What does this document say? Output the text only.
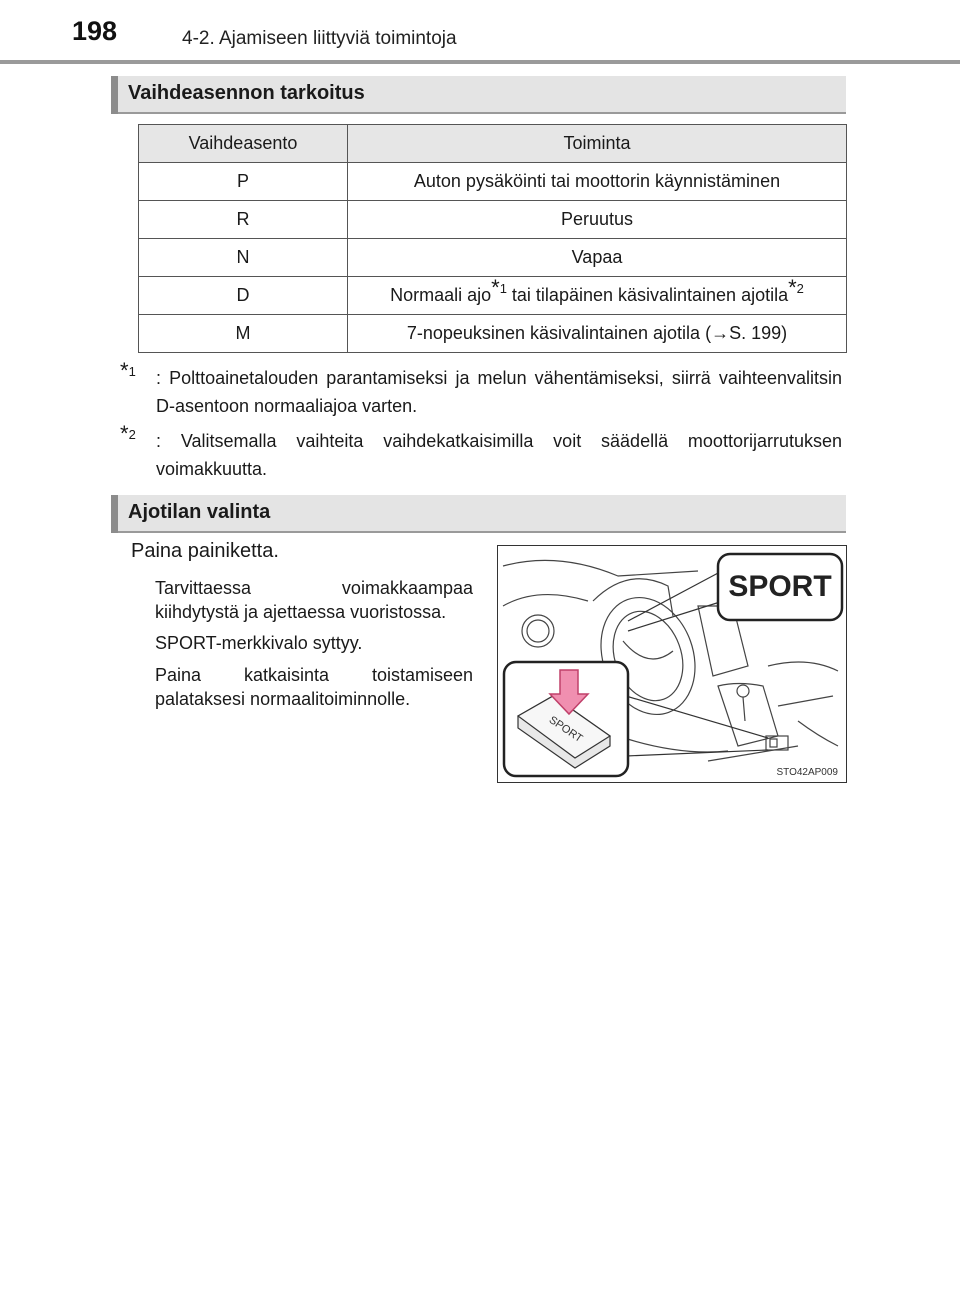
198	4-2. Ajamiseen liittyviä toimintoja
Vaihdeasennon tarkoitus
Vaihdeasento	Toiminta
P	Auton pysäköinti tai moottorin käynnistäminen
R	Peruutus
N	Vapaa
D	Normaali ajo*$^1$ tai tilapäinen käsivalintainen ajotila*$^2$
M	7-nopeuksinen käsivalintainen ajotila (→S. 199)
*$^1$	: Polttoainetalouden parantamiseksi ja melun vähentämiseksi, siirrä vaihteenvalitsin D-asentoon normaaliajoa varten.
*$^2$	: Valitsemalla vaihteita vaihdekatkaisimilla voit säädellä moottorijarrutuksen voimakkuutta.
Ajotilan valinta
Paina painiketta.
Tarvittaessa voimakkaampaa kiihdytystä ja ajettaessa vuoristossa.
SPORT-merkkivalo syttyy.
Paina katkaisinta toistamiseen palataksesi normaalitoiminnolle.
SPORT
SPORT
STO42AP009
